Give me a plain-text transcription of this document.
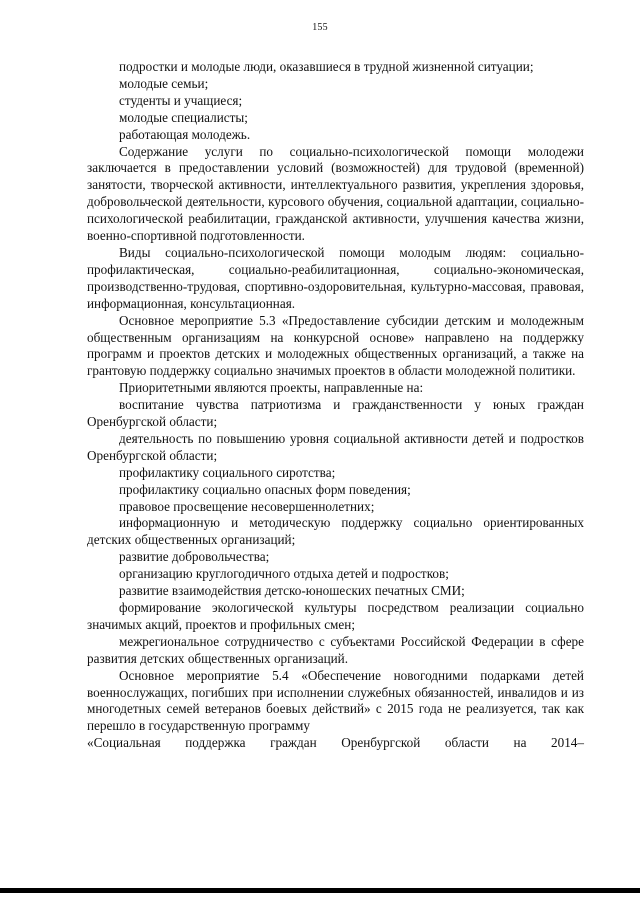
155

подростки и молодые люди, оказавшиеся в трудной жизненной ситуации;

молодые семьи;

студенты и учащиеся;

молодые специалисты;

работающая молодежь.

Содержание услуги по социально-психологической помощи молодежи заключается в предоставлении условий (возможностей) для трудовой (временной) занятости, творческой активности, интеллектуального развития, укрепления здоровья, добровольческой деятельности, курсового обучения, социальной адаптации, социально-психологической реабилитации, гражданской активности, улучшения качества жизни, военно-спортивной подготовленности.

Виды социально-психологической помощи молодым людям: социально-профилактическая, социально-реабилитационная, социально-экономическая, производственно-трудовая, спортивно-оздоровительная, культурно-массовая, правовая, информационная, консультационная.

Основное мероприятие 5.3 «Предоставление субсидии детским и молодежным общественным организациям на конкурсной основе» направлено на поддержку программ и проектов детских и молодежных общественных организаций, а также на грантовую поддержку социально значимых проектов в области молодежной политики.

Приоритетными являются проекты, направленные на:

воспитание чувства патриотизма и гражданственности у юных граждан Оренбургской области;

деятельность по повышению уровня социальной активности детей и подростков Оренбургской области;

профилактику социального сиротства;

профилактику социально опасных форм поведения;

правовое просвещение несовершеннолетних;

информационную и методическую поддержку социально ориентированных детских общественных организаций;

развитие добровольчества;

организацию круглогодичного отдыха детей и подростков;

развитие взаимодействия детско-юношеских печатных СМИ;

формирование экологической культуры посредством реализации социально значимых акций, проектов и профильных смен;

межрегиональное сотрудничество с субъектами Российской Федерации в сфере развития детских общественных организаций.

Основное мероприятие 5.4 «Обеспечение новогодними подарками детей военнослужащих, погибших при исполнении служебных обязанностей, инвалидов и из многодетных семей ветеранов боевых действий» с 2015 года не реализуется, так как перешло в государственную программу

«Социальная поддержка граждан Оренбургской области на 2014–
